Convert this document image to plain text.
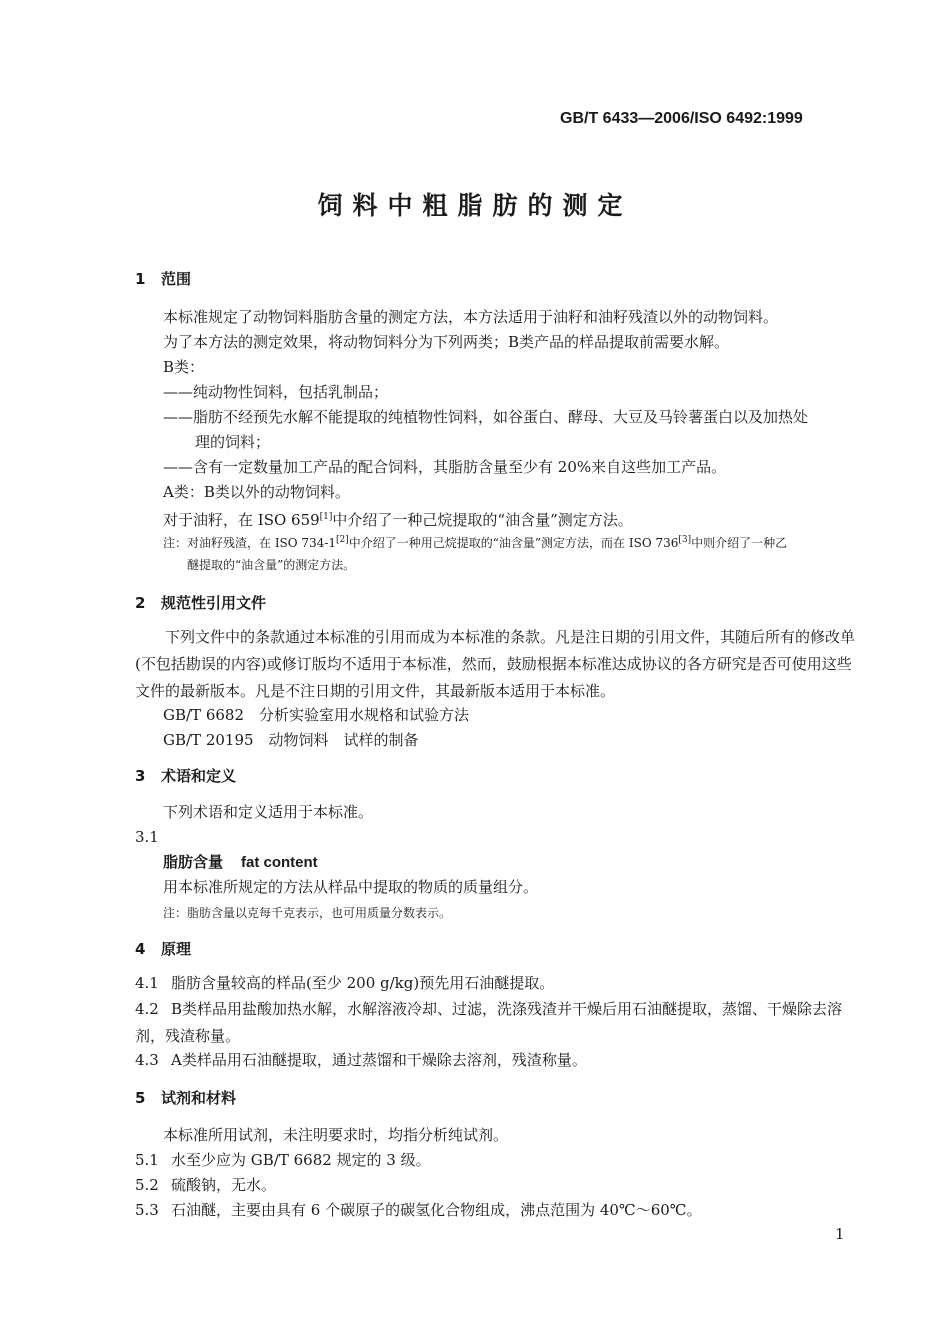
GB/T 6433—2006/ISO 6492:1999
饲料中粗脂肪的测定
1 范围
本标准规定了动物饲料脂肪含量的测定方法，本方法适用于油籽和油籽残渣以外的动物饲料。
为了本方法的测定效果，将动物饲料分为下列两类；B类产品的样品提取前需要水解。
B类：
——纯动物性饲料，包括乳制品；
——脂肪不经预先水解不能提取的纯植物性饲料，如谷蛋白、酵母、大豆及马铃薯蛋白以及加热处
理的饲料；
——含有一定数量加工产品的配合饲料，其脂肪含量至少有 20%来自这些加工产品。
A类：B类以外的动物饲料。
对于油籽，在 ISO 659[1]中介绍了一种己烷提取的“油含量”测定方法。
注：对油籽残渣，在 ISO 734-1[2]中介绍了一种用己烷提取的“油含量”测定方法，而在 ISO 736[3]中则介绍了一种乙
醚提取的“油含量”的测定方法。
2 规范性引用文件
下列文件中的条款通过本标准的引用而成为本标准的条款。凡是注日期的引用文件，其随后所有的修改单(不包括勘误的内容)或修订版均不适用于本标准，然而，鼓励根据本标准达成协议的各方研究是否可使用这些文件的最新版本。凡是不注日期的引用文件，其最新版本适用于本标准。
GB/T 6682　分析实验室用水规格和试验方法
GB/T 20195　动物饲料　试样的制备
3 术语和定义
下列术语和定义适用于本标准。
3.1
脂肪含量 fat content
用本标准所规定的方法从样品中提取的物质的质量组分。
注：脂肪含量以克每千克表示，也可用质量分数表示。
4 原理
4.1 脂肪含量较高的样品(至少 200 g/kg)预先用石油醚提取。
4.2 B类样品用盐酸加热水解，水解溶液冷却、过滤，洗涤残渣并干燥后用石油醚提取，蒸馏、干燥除去溶剂，残渣称量。
4.3 A类样品用石油醚提取，通过蒸馏和干燥除去溶剂，残渣称量。
5 试剂和材料
本标准所用试剂，未注明要求时，均指分析纯试剂。
5.1 水至少应为 GB/T 6682 规定的 3 级。
5.2 硫酸钠，无水。
5.3 石油醚，主要由具有 6 个碳原子的碳氢化合物组成，沸点范围为 40℃～60℃。
1
